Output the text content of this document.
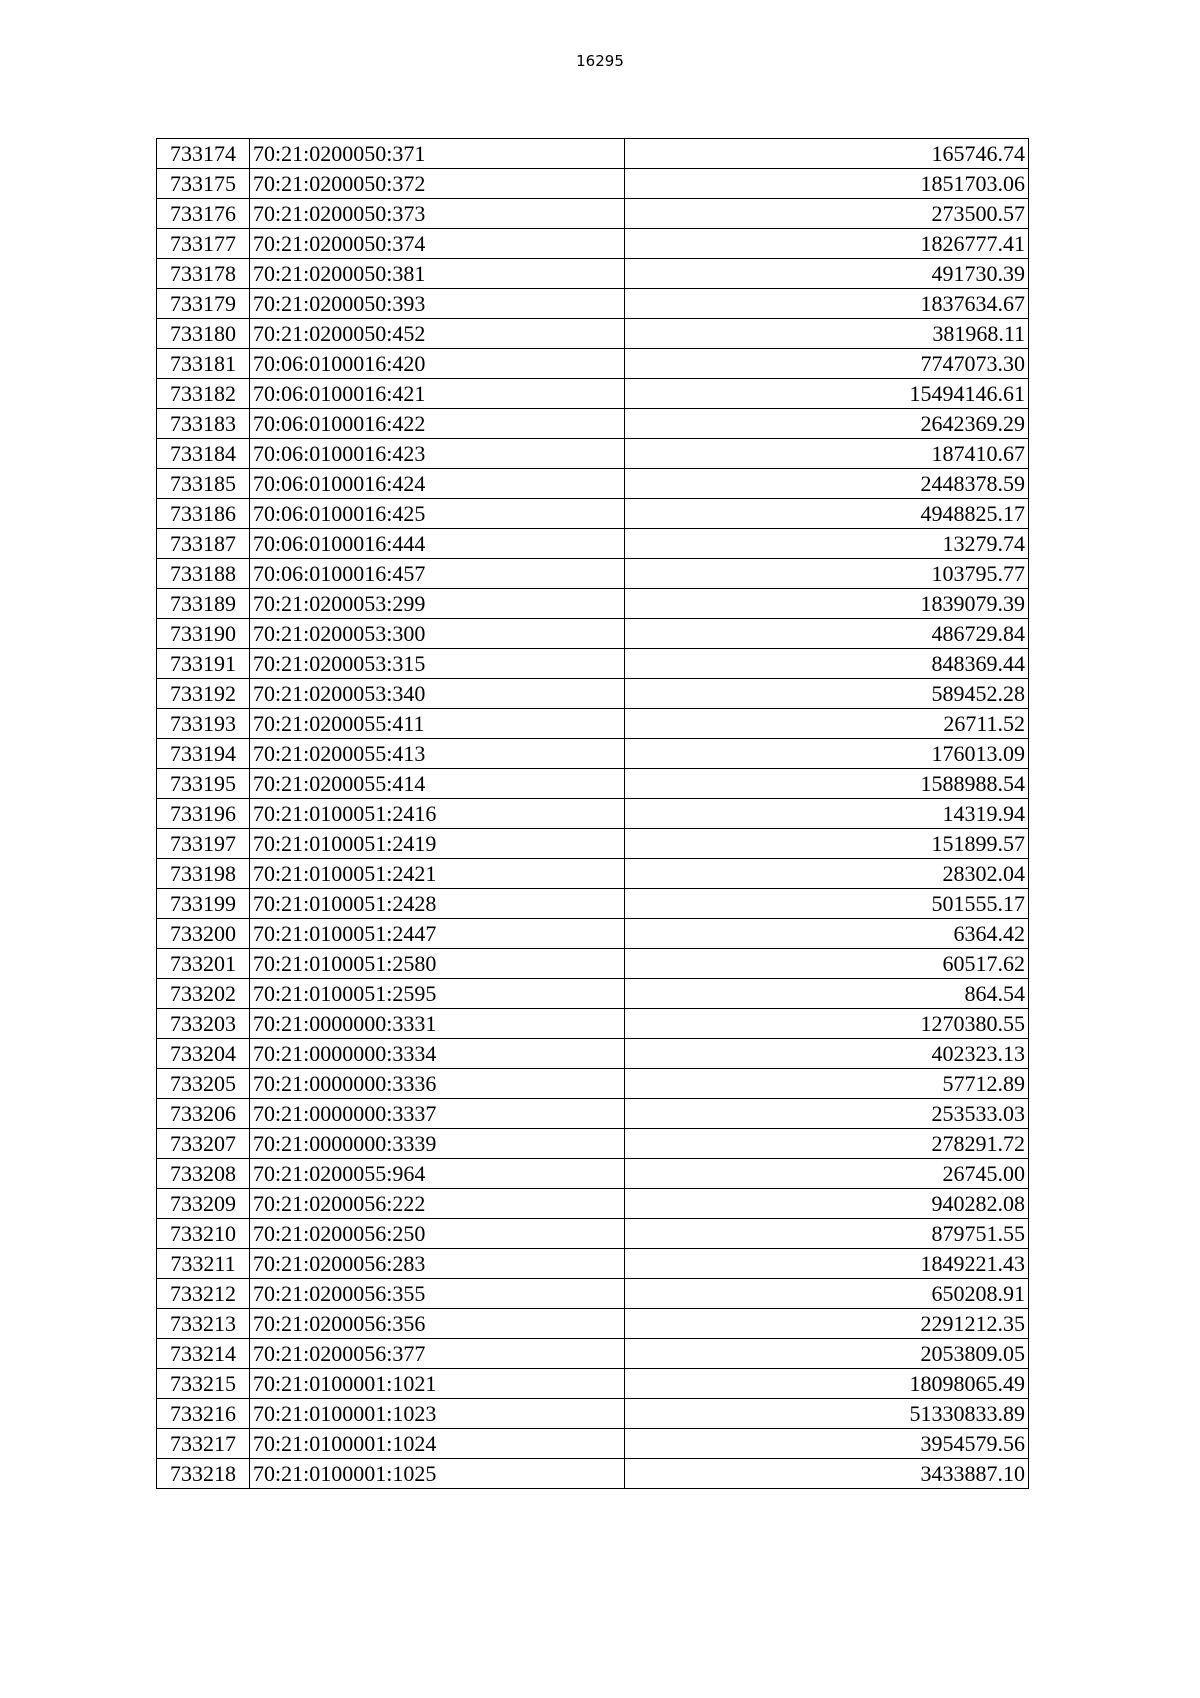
16295
733174	70:21:0200050:371	165746.74
733175	70:21:0200050:372	1851703.06
733176	70:21:0200050:373	273500.57
733177	70:21:0200050:374	1826777.41
733178	70:21:0200050:381	491730.39
733179	70:21:0200050:393	1837634.67
733180	70:21:0200050:452	381968.11
733181	70:06:0100016:420	7747073.30
733182	70:06:0100016:421	15494146.61
733183	70:06:0100016:422	2642369.29
733184	70:06:0100016:423	187410.67
733185	70:06:0100016:424	2448378.59
733186	70:06:0100016:425	4948825.17
733187	70:06:0100016:444	13279.74
733188	70:06:0100016:457	103795.77
733189	70:21:0200053:299	1839079.39
733190	70:21:0200053:300	486729.84
733191	70:21:0200053:315	848369.44
733192	70:21:0200053:340	589452.28
733193	70:21:0200055:411	26711.52
733194	70:21:0200055:413	176013.09
733195	70:21:0200055:414	1588988.54
733196	70:21:0100051:2416	14319.94
733197	70:21:0100051:2419	151899.57
733198	70:21:0100051:2421	28302.04
733199	70:21:0100051:2428	501555.17
733200	70:21:0100051:2447	6364.42
733201	70:21:0100051:2580	60517.62
733202	70:21:0100051:2595	864.54
733203	70:21:0000000:3331	1270380.55
733204	70:21:0000000:3334	402323.13
733205	70:21:0000000:3336	57712.89
733206	70:21:0000000:3337	253533.03
733207	70:21:0000000:3339	278291.72
733208	70:21:0200055:964	26745.00
733209	70:21:0200056:222	940282.08
733210	70:21:0200056:250	879751.55
733211	70:21:0200056:283	1849221.43
733212	70:21:0200056:355	650208.91
733213	70:21:0200056:356	2291212.35
733214	70:21:0200056:377	2053809.05
733215	70:21:0100001:1021	18098065.49
733216	70:21:0100001:1023	51330833.89
733217	70:21:0100001:1024	3954579.56
733218	70:21:0100001:1025	3433887.10
